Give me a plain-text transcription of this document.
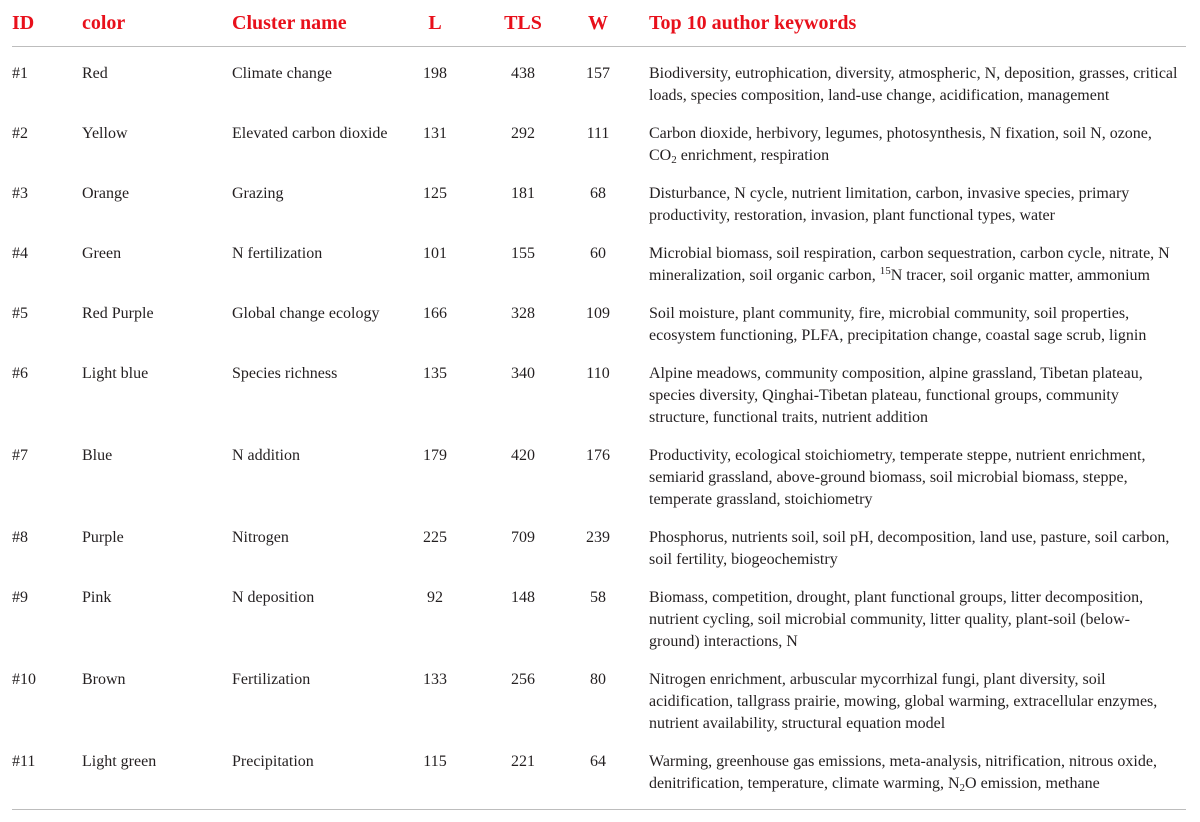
ID	color	Cluster name	L	TLS	W	Top 10 author keywords
#1	Red	Climate change	198	438	157	Biodiversity, eutrophication, diversity, atmospheric, N, deposition, grasses, critical loads, species composition, land-use change, acidification, management
#2	Yellow	Elevated carbon dioxide	131	292	111	Carbon dioxide, herbivory, legumes, photosynthesis, N fixation, soil N, ozone, $CO_2$ enrichment, respiration
#3	Orange	Grazing	125	181	68	Disturbance, N cycle, nutrient limitation, carbon, invasive species, primary productivity, restoration, invasion, plant functional types, water
#4	Green	N fertilization	101	155	60	Microbial biomass, soil respiration, carbon sequestration, carbon cycle, nitrate, N mineralization, soil organic carbon, $^{15}$N tracer, soil organic matter, ammonium
#5	Red Purple	Global change ecology	166	328	109	Soil moisture, plant community, fire, microbial community, soil properties, ecosystem functioning, PLFA, precipitation change, coastal sage scrub, lignin
#6	Light blue	Species richness	135	340	110	Alpine meadows, community composition, alpine grassland, Tibetan plateau, species diversity, Qinghai-Tibetan plateau, functional groups, community structure, functional traits, nutrient addition
#7	Blue	N addition	179	420	176	Productivity, ecological stoichiometry, temperate steppe, nutrient enrichment, semiarid grassland, above-ground biomass, soil microbial biomass, steppe, temperate grassland, stoichiometry
#8	Purple	Nitrogen	225	709	239	Phosphorus, nutrients soil, soil pH, decomposition, land use, pasture, soil carbon, soil fertility, biogeochemistry
#9	Pink	N deposition	92	148	58	Biomass, competition, drought, plant functional groups, litter decomposition, nutrient cycling, soil microbial community, litter quality, plant-soil (below-ground) interactions, N
#10	Brown	Fertilization	133	256	80	Nitrogen enrichment, arbuscular mycorrhizal fungi, plant diversity, soil acidification, tallgrass prairie, mowing, global warming, extracellular enzymes, nutrient availability, structural equation model
#11	Light green	Precipitation	115	221	64	Warming, greenhouse gas emissions, meta-analysis, nitrification, nitrous oxide, denitrification, temperature, climate warming, $N_2O$ emission, methane
